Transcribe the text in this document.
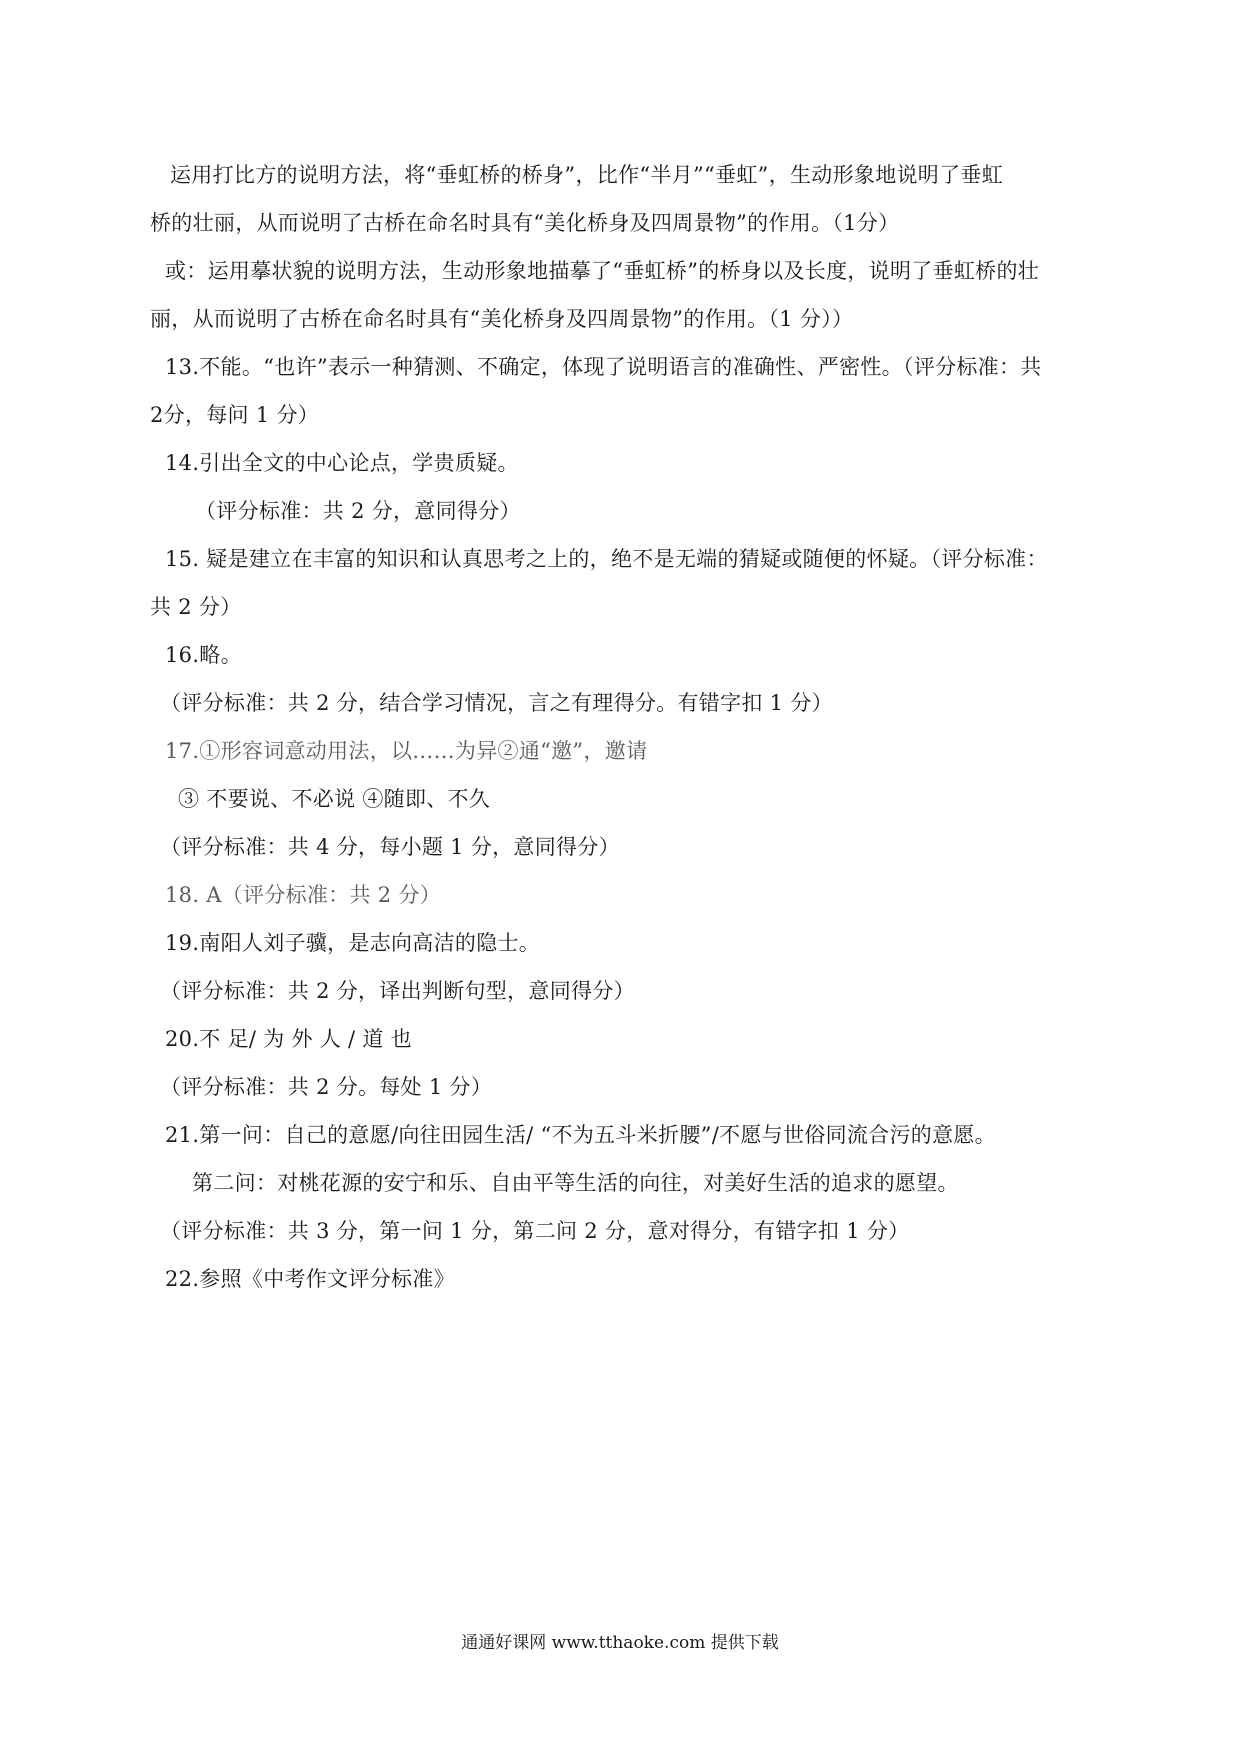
运用打比方的说明方法，将“垂虹桥的桥身”，比作“半月”“垂虹”，生动形象地说明了垂虹
桥的壮丽，从而说明了古桥在命名时具有“美化桥身及四周景物”的作用。（1分）
或：运用摹状貌的说明方法，生动形象地描摹了“垂虹桥”的桥身以及长度，说明了垂虹桥的壮
丽，从而说明了古桥在命名时具有“美化桥身及四周景物”的作用。（1 分））
13.不能。“也许”表示一种猜测、不确定，体现了说明语言的准确性、严密性。（评分标准：共
2分，每问 1 分）
14.引出全文的中心论点，学贵质疑。
（评分标准：共 2 分，意同得分）
15. 疑是建立在丰富的知识和认真思考之上的，绝不是无端的猜疑或随便的怀疑。（评分标准：
共 2 分）
16.略。
（评分标准：共 2 分，结合学习情况，言之有理得分。有错字扣 1 分）
17.①形容词意动用法，以……为异②通“邀”，邀请
③ 不要说、不必说 ④随即、不久
（评分标准：共 4 分，每小题 1 分，意同得分）
18. A（评分标准：共 2 分）
19.南阳人刘子骥，是志向高洁的隐士。
（评分标准：共 2 分，译出判断句型，意同得分）
20.不 足/ 为 外 人 / 道 也
（评分标准：共 2 分。每处 1 分）
21.第一问：自己的意愿/向往田园生活/ “不为五斗米折腰”/不愿与世俗同流合污的意愿。
第二问：对桃花源的安宁和乐、自由平等生活的向往，对美好生活的追求的愿望。
（评分标准：共 3 分，第一问 1 分，第二问 2 分，意对得分，有错字扣 1 分）
22.参照《中考作文评分标准》
通通好课网 www.tthaoke.com 提供下载
